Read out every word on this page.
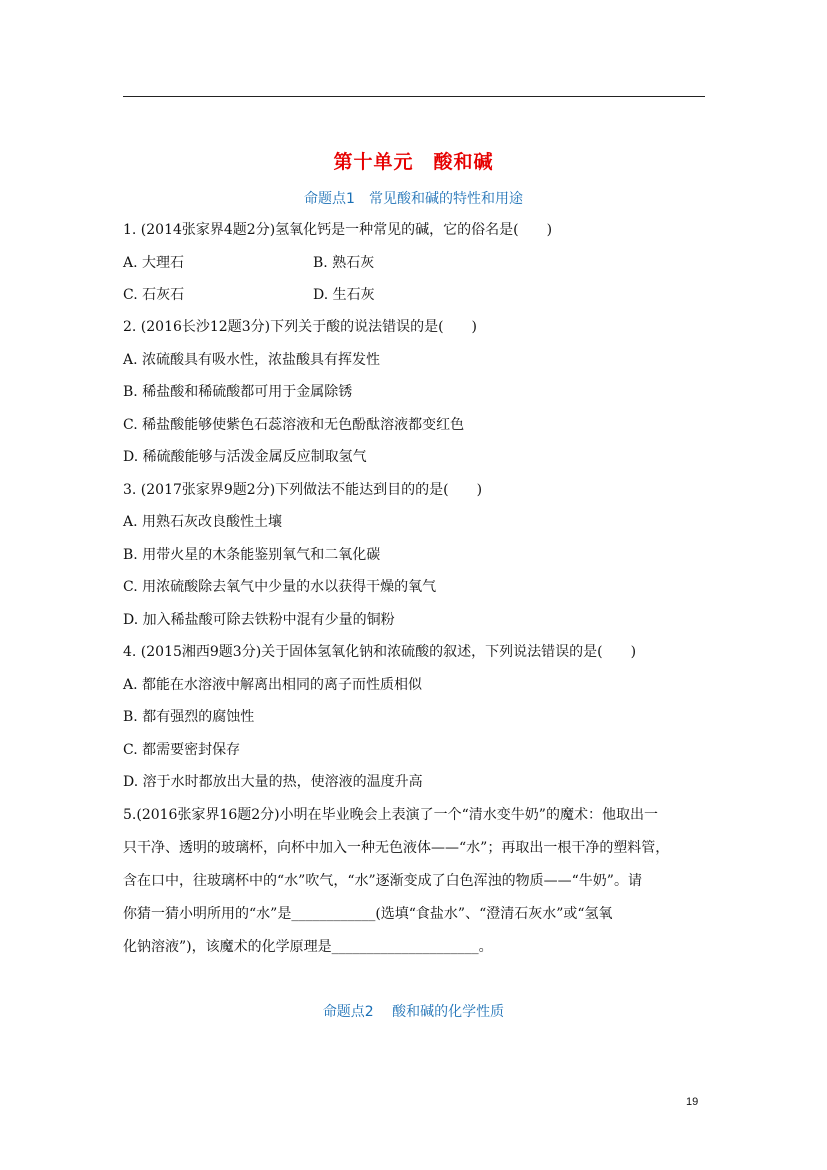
第十单元　酸和碱
命题点1　常见酸和碱的特性和用途
1. (2014张家界4题2分)氢氧化钙是一种常见的碱，它的俗名是(　　)
A. 大理石	B. 熟石灰
C. 石灰石	D. 生石灰
2. (2016长沙12题3分)下列关于酸的说法错误的是(　　)
A. 浓硫酸具有吸水性，浓盐酸具有挥发性
B. 稀盐酸和稀硫酸都可用于金属除锈
C. 稀盐酸能够使紫色石蕊溶液和无色酚酞溶液都变红色
D. 稀硫酸能够与活泼金属反应制取氢气
3. (2017张家界9题2分)下列做法不能达到目的的是(　　)
A. 用熟石灰改良酸性土壤
B. 用带火星的木条能鉴别氧气和二氧化碳
C. 用浓硫酸除去氧气中少量的水以获得干燥的氧气
D. 加入稀盐酸可除去铁粉中混有少量的铜粉
4. (2015湘西9题3分)关于固体氢氧化钠和浓硫酸的叙述，下列说法错误的是(　　)
A. 都能在水溶液中解离出相同的离子而性质相似
B. 都有强烈的腐蚀性
C. 都需要密封保存
D. 溶于水时都放出大量的热，使溶液的温度升高
5.(2016张家界16题2分)小明在毕业晚会上表演了一个“清水变牛奶”的魔术：他取出一
只干净、透明的玻璃杯，向杯中加入一种无色液体——“水”；再取出一根干净的塑料管，
含在口中，往玻璃杯中的“水”吹气，“水”逐渐变成了白色浑浊的物质——“牛奶”。请
你猜一猜小明所用的“水”是____________(选填“食盐水”、“澄清石灰水”或“氢氧
化钠溶液”)，该魔术的化学原理是_____________________。
命题点2　 酸和碱的化学性质
19
